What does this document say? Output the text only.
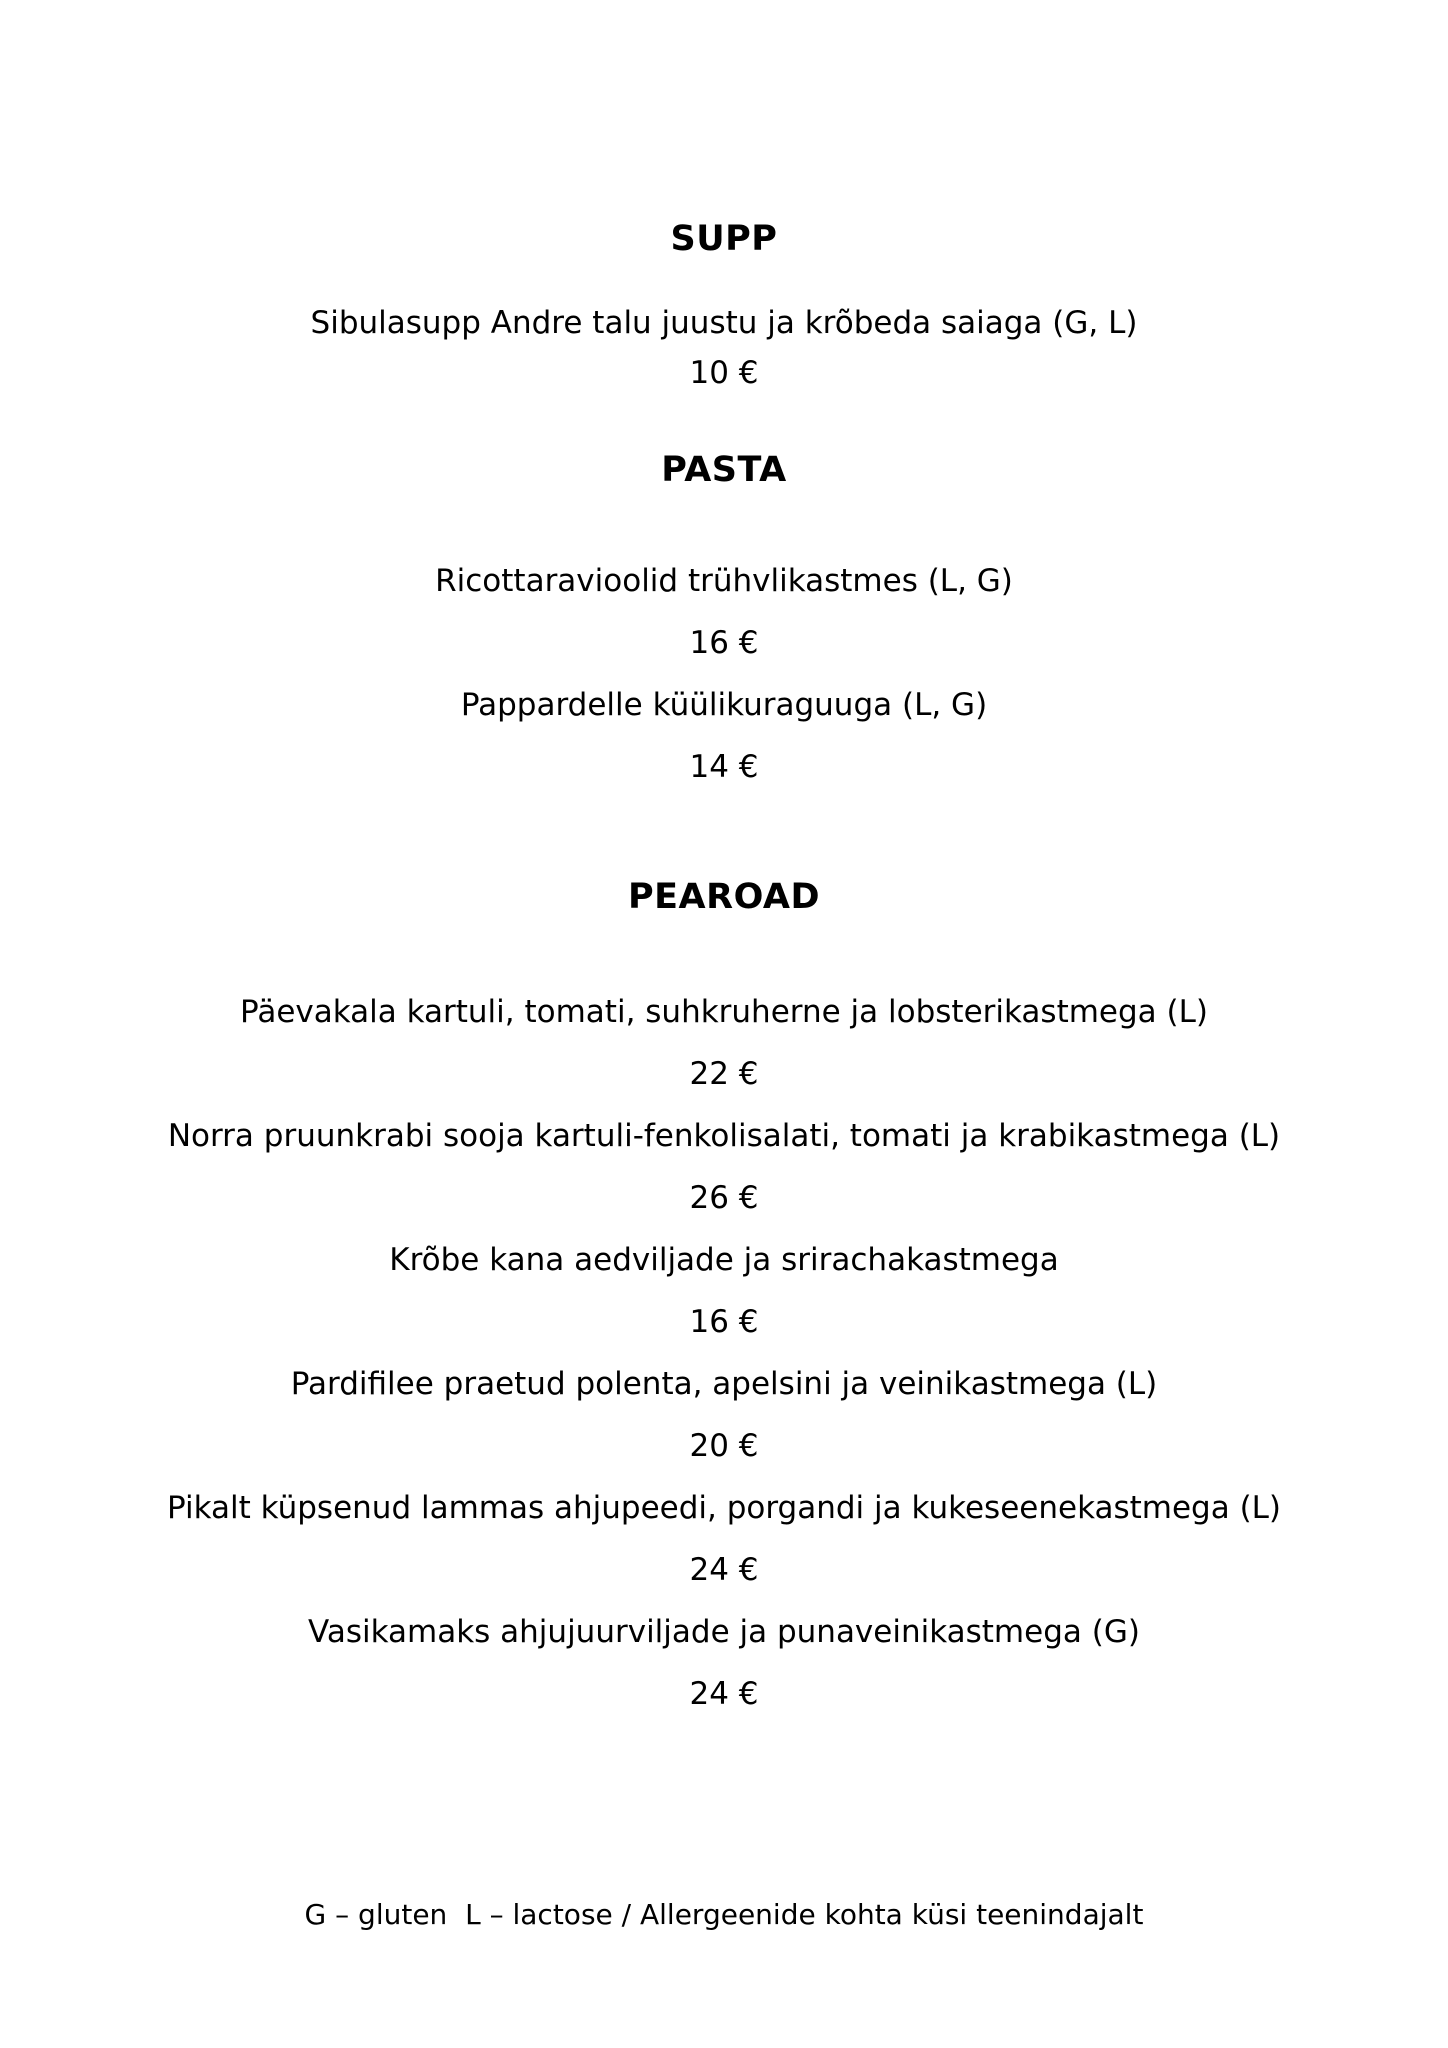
SUPP

Sibulasupp Andre talu juustu ja krõbeda saiaga (G, L)

10 €

PASTA

Ricottaravioolid trühvlikastmes (L, G)

16 €

Pappardelle küülikuraguuga (L, G)

14 €

PEAROAD

Päevakala kartuli, tomati, suhkruherne ja lobsterikastmega (L)

22 €

Norra pruunkrabi sooja kartuli-fenkolisalati, tomati ja krabikastmega (L)

26 €

Krõbe kana aedviljade ja srirachakastmega

16 €

Pardifilee praetud polenta, apelsini ja veinikastmega (L)

20 €

Pikalt küpsenud lammas ahjupeedi, porgandi ja kukeseenekastmega (L)

24 €

Vasikamaks ahjujuurviljade ja punaveinikastmega (G)

24 €

G – gluten  L – lactose / Allergeenide kohta küsi teenindajalt
